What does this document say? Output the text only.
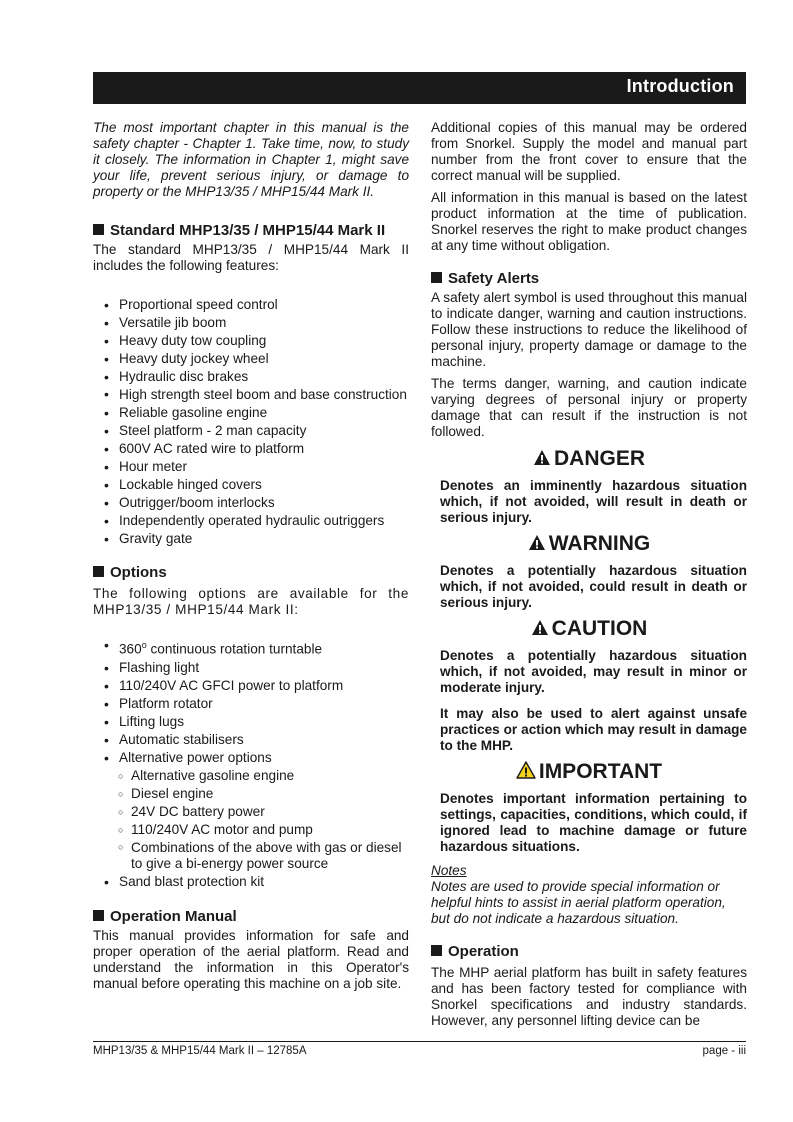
Introduction

The most important chapter in this manual is the safety chapter - Chapter 1. Take time, now, to study it closely. The information in Chapter 1, might save your life, prevent serious injury, or damage to property or the MHP13/35 / MHP15/44 Mark II.

Standard MHP13/35 / MHP15/44 Mark II

The standard MHP13/35 / MHP15/44 Mark II includes the following features:

• Proportional speed control
• Versatile jib boom
• Heavy duty tow coupling
• Heavy duty jockey wheel
• Hydraulic disc brakes
• High strength steel boom and base construction
• Reliable gasoline engine
• Steel platform - 2 man capacity
• 600V AC rated wire to platform
• Hour meter
• Lockable hinged covers
• Outrigger/boom interlocks
• Independently operated hydraulic outriggers
• Gravity gate
Options

The following options are available for the MHP13/35 / MHP15/44 Mark II:

• 360$^o$ continuous rotation turntable
• Flashing light
• 110/240V AC GFCI power to platform
• Platform rotator
• Lifting lugs
• Automatic stabilisers
• Alternative power options
○ Alternative gasoline engine
○ Diesel engine
○ 24V DC battery power
○ 110/240V AC motor and pump
○ Combinations of the above with gas or diesel to give a bi-energy power source
• Sand blast protection kit
Operation Manual

This manual provides information for safe and proper operation of the aerial platform. Read and understand the information in this Operator's manual before operating this machine on a job site.

Additional copies of this manual may be ordered from Snorkel. Supply the model and manual part number from the front cover to ensure that the correct manual will be supplied.

All information in this manual is based on the latest product information at the time of publication. Snorkel reserves the right to make product changes at any time without obligation.

Safety Alerts

A safety alert symbol is used throughout this manual to indicate danger, warning and caution instructions. Follow these instructions to reduce the likelihood of personal injury, property damage or damage to the machine.

The terms danger, warning, and caution indicate varying degrees of personal injury or property damage that can result if the instruction is not followed.

DANGER

Denotes an imminently hazardous situation which, if not avoided, will result in death or serious injury.

WARNING

Denotes a potentially hazardous situation which, if not avoided, could result in death or serious injury.

CAUTION

Denotes a potentially hazardous situation which, if not avoided, may result in minor or moderate injury.

It may also be used to alert against unsafe practices or action which may result in damage to the MHP.

IMPORTANT

Denotes important information pertaining to settings, capacities, conditions, which could, if ignored lead to machine damage or future hazardous situations.

Notes

Notes are used to provide special information or helpful hints to assist in aerial platform operation, but do not indicate a hazardous situation.

Operation

The MHP aerial platform has built in safety features and has been factory tested for compliance with Snorkel specifications and industry standards. However, any personnel lifting device can be

MHP13/35 & MHP15/44 Mark II – 12785A	page - iii
